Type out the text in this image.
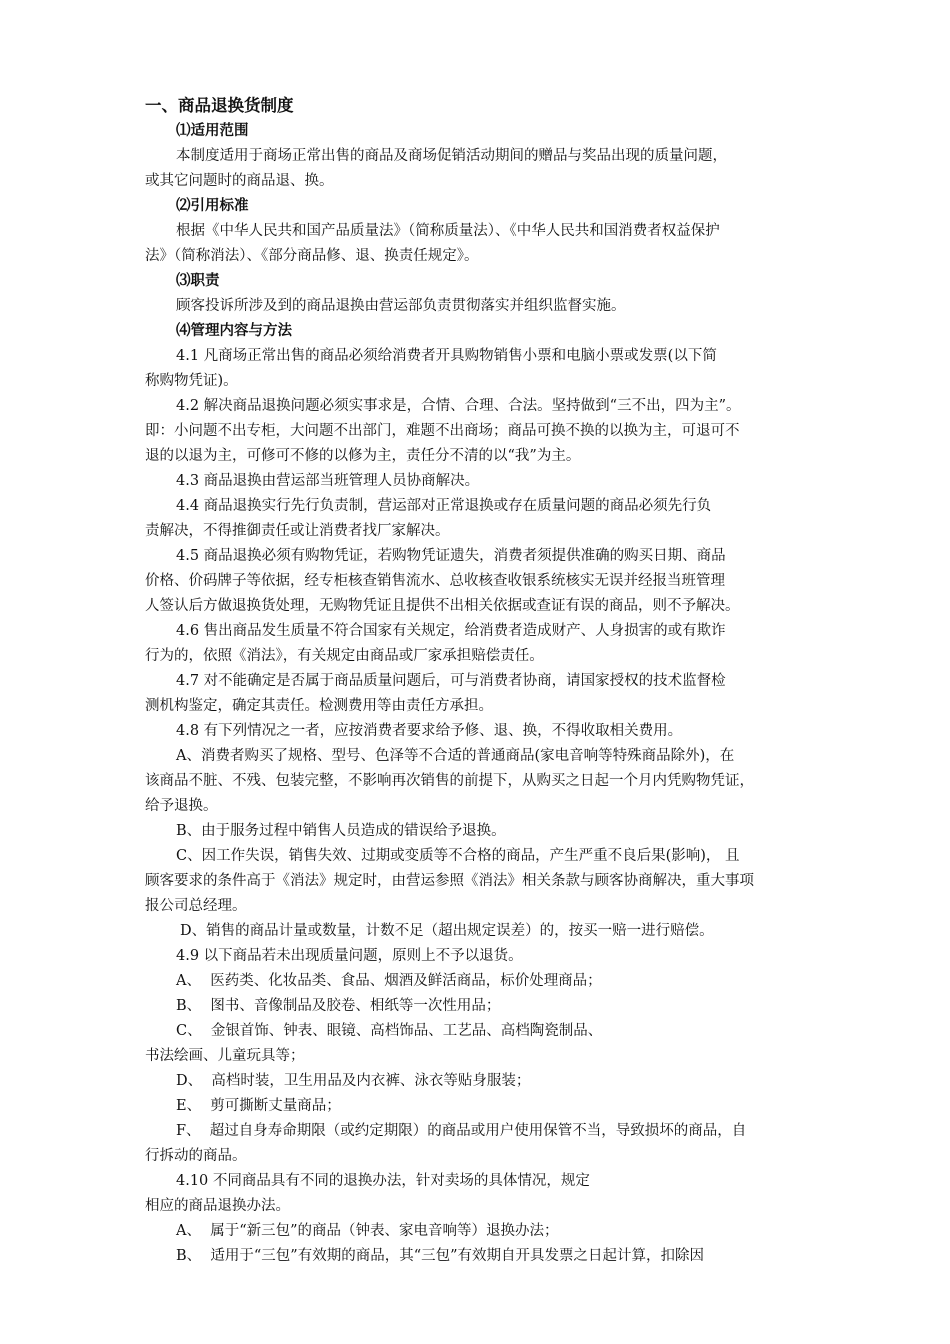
一、商品退换货制度
⑴适用范围
本制度适用于商场正常出售的商品及商场促销活动期间的赠品与奖品出现的质量问题，
或其它问题时的商品退、换。
⑵引用标准
根据《中华人民共和国产品质量法》（简称质量法）、《中华人民共和国消费者权益保护
法》（简称消法）、《部分商品修、退、换责任规定》。
⑶职责
顾客投诉所涉及到的商品退换由营运部负责贯彻落实并组织监督实施。
⑷管理内容与方法
4.1 凡商场正常出售的商品必须给消费者开具购物销售小票和电脑小票或发票(以下简
称购物凭证)。
4.2 解决商品退换问题必须实事求是，合情、合理、合法。坚持做到“三不出，四为主”。
即：小问题不出专柜，大问题不出部门，难题不出商场；商品可换不换的以换为主，可退可不
退的以退为主，可修可不修的以修为主，责任分不清的以“我”为主。
4.3 商品退换由营运部当班管理人员协商解决。
4.4 商品退换实行先行负责制，营运部对正常退换或存在质量问题的商品必须先行负
责解决，不得推御责任或让消费者找厂家解决。
4.5 商品退换必须有购物凭证，若购物凭证遗失，消费者须提供准确的购买日期、商品
价格、价码牌子等依据，经专柜核查销售流水、总收核查收银系统核实无误并经报当班管理
人签认后方做退换货处理，无购物凭证且提供不出相关依据或查证有误的商品，则不予解决。
4.6 售出商品发生质量不符合国家有关规定，给消费者造成财产、人身损害的或有欺诈
行为的，依照《消法》，有关规定由商品或厂家承担赔偿责任。
4.7 对不能确定是否属于商品质量问题后，可与消费者协商，请国家授权的技术监督检
测机构鉴定，确定其责任。检测费用等由责任方承担。
4.8 有下列情况之一者，应按消费者要求给予修、退、换，不得收取相关费用。
A、消费者购买了规格、型号、色泽等不合适的普通商品(家电音响等特殊商品除外)，在
该商品不脏、不残、包装完整，不影响再次销售的前提下，从购买之日起一个月内凭购物凭证，
给予退换。
B、由于服务过程中销售人员造成的错误给予退换。
C、因工作失误，销售失效、过期或变质等不合格的商品，产生严重不良后果(影响)， 且
顾客要求的条件高于《消法》规定时，由营运参照《消法》相关条款与顾客协商解决，重大事项
报公司总经理。
D、销售的商品计量或数量，计数不足（超出规定误差）的，按买一赔一进行赔偿。
4.9 以下商品若未出现质量问题，原则上不予以退货。
A、  医药类、化妆品类、食品、烟酒及鲜活商品，标价处理商品；
B、  图书、音像制品及胶卷、相纸等一次性用品；
C、  金银首饰、钟表、眼镜、高档饰品、工艺品、高档陶瓷制品、
书法绘画、儿童玩具等；
D、  高档时装，卫生用品及内衣裤、泳衣等贴身服装；
E、  剪可撕断丈量商品；
F、  超过自身寿命期限（或约定期限）的商品或用户使用保管不当，导致损坏的商品，自
行拆动的商品。
4.10 不同商品具有不同的退换办法，针对卖场的具体情况，规定
相应的商品退换办法。
A、  属于“新三包”的商品（钟表、家电音响等）退换办法；
B、  适用于“三包”有效期的商品，其“三包”有效期自开具发票之日起计算，扣除因
